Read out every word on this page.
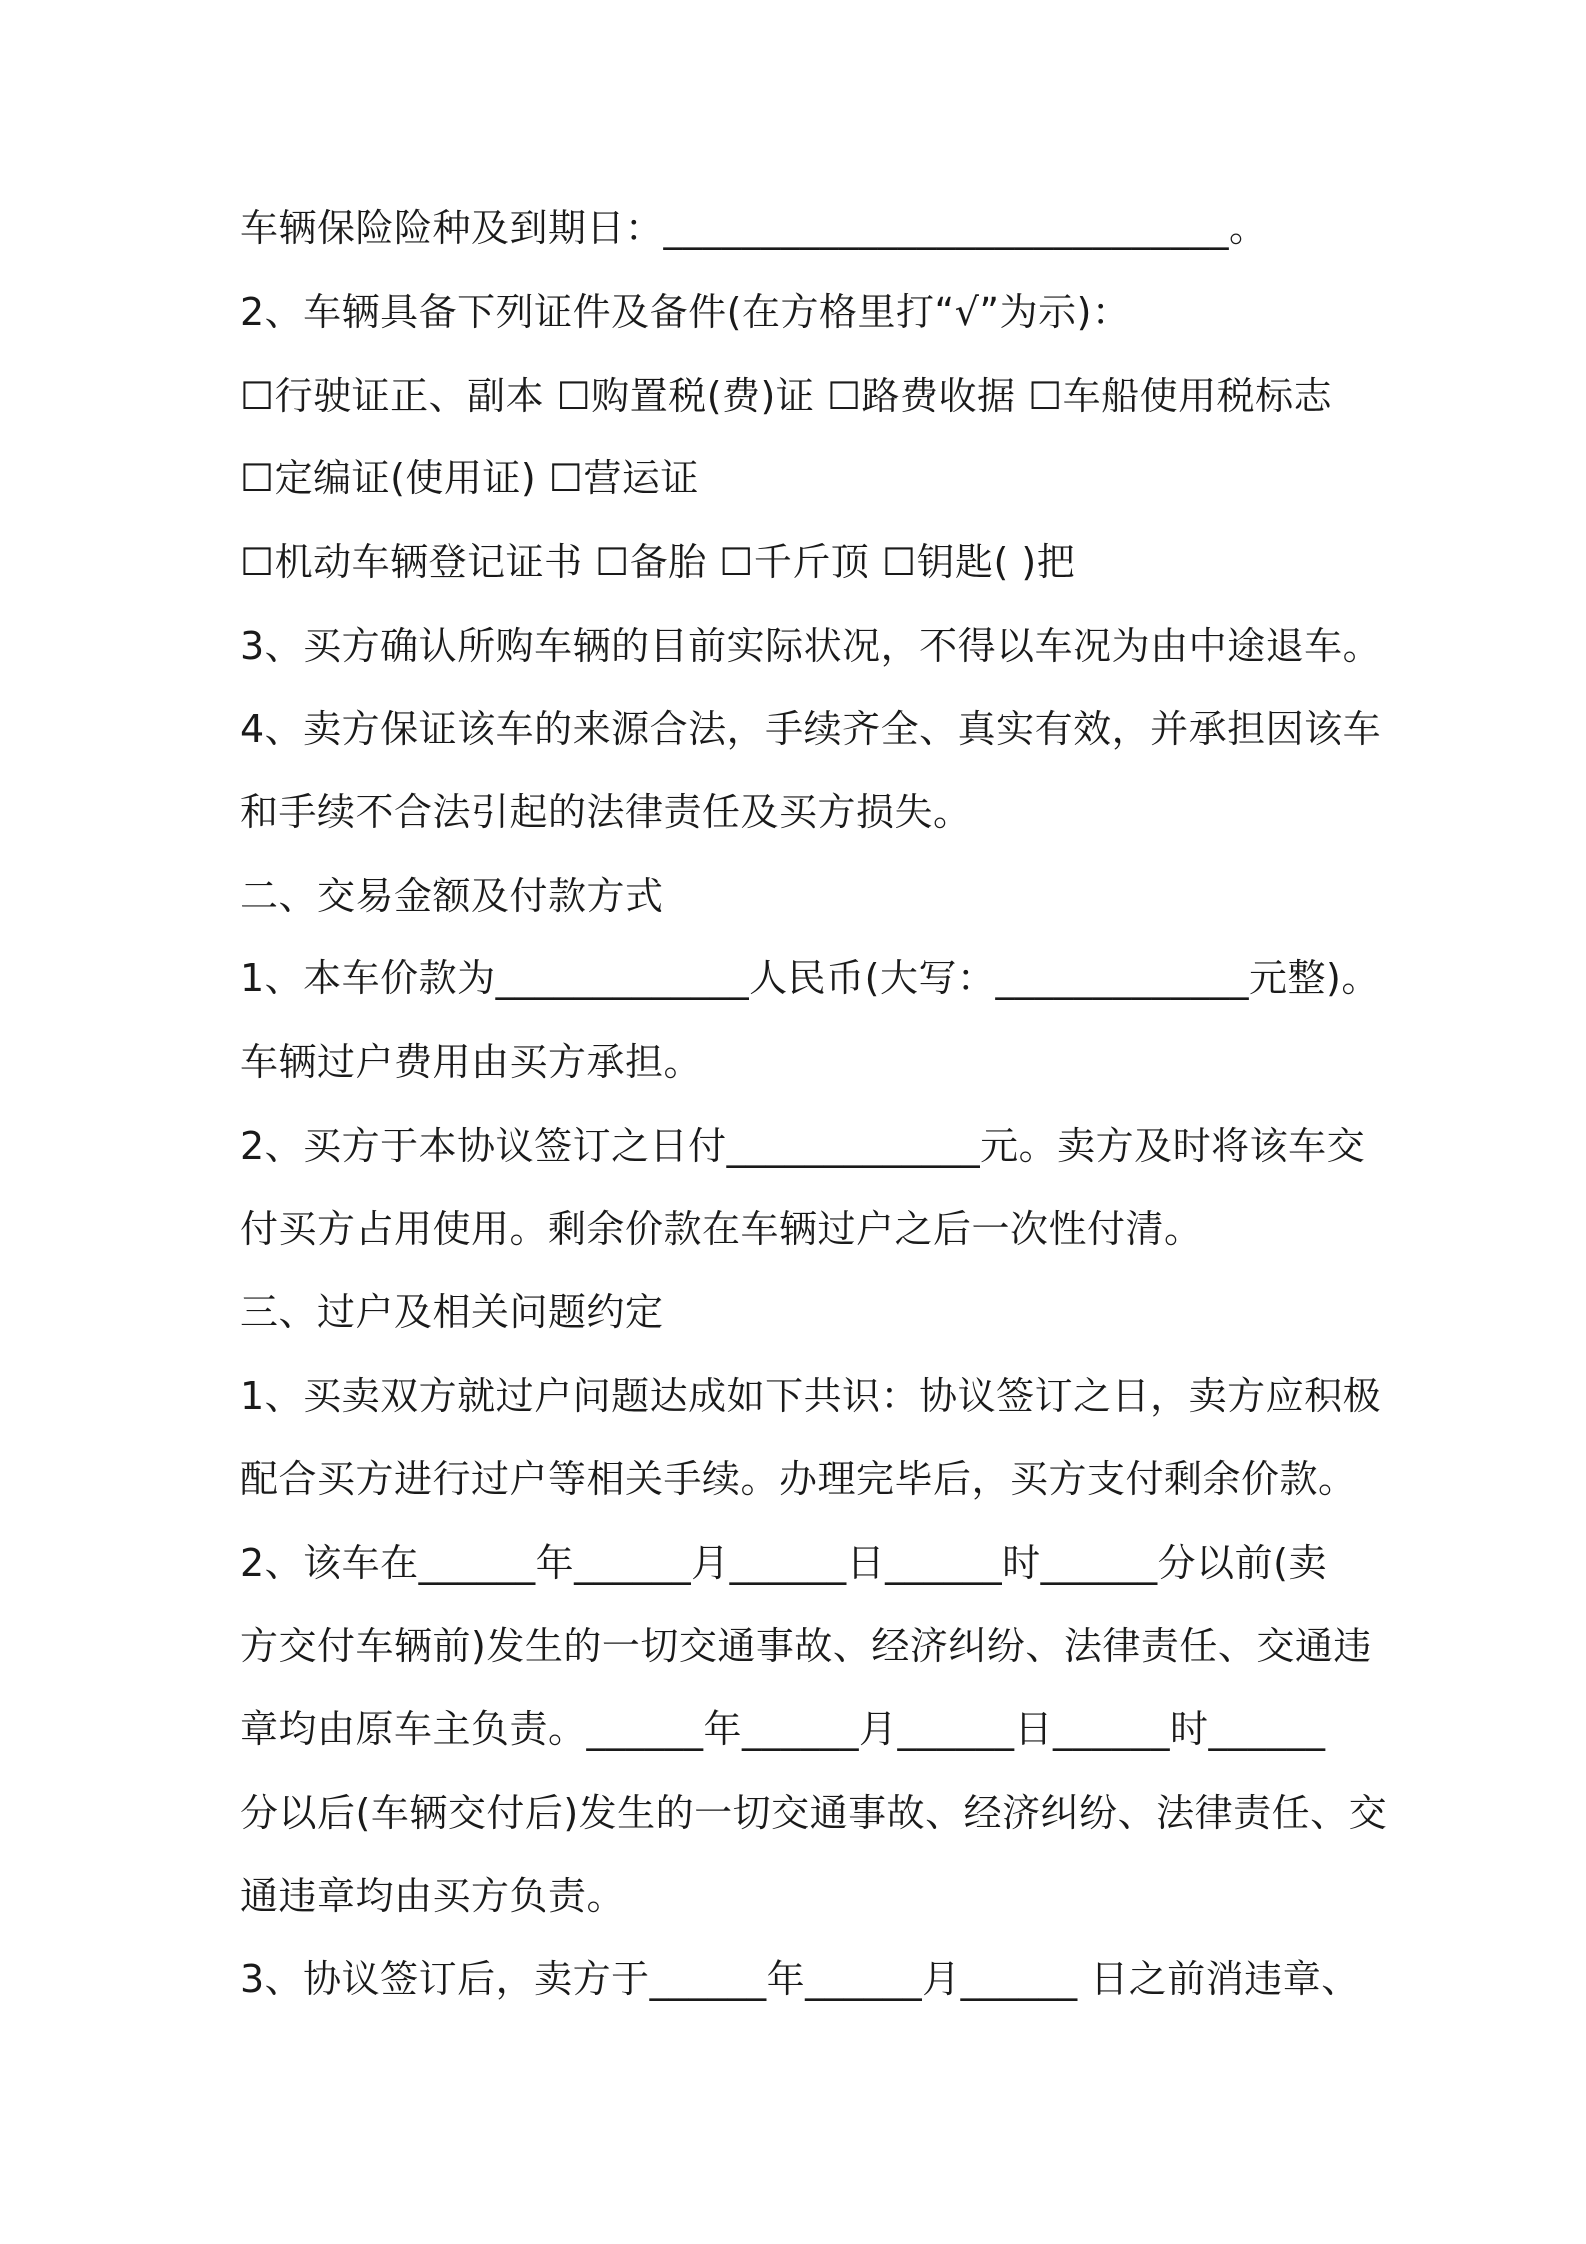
车辆保险险种及到期日：_____________________________。
2、车辆具备下列证件及备件(在方格里打“√”为示)：
☐行驶证正、副本 ☐购置税(费)证 ☐路费收据 ☐车船使用税标志
☐定编证(使用证) ☐营运证
☐机动车辆登记证书 ☐备胎 ☐千斤顶 ☐钥匙( )把
3、买方确认所购车辆的目前实际状况，不得以车况为由中途退车。
4、卖方保证该车的来源合法，手续齐全、真实有效，并承担因该车
和手续不合法引起的法律责任及买方损失。
二、交易金额及付款方式
1、本车价款为_____________人民币(大写：_____________元整)。
车辆过户费用由买方承担。
2、买方于本协议签订之日付_____________元。卖方及时将该车交
付买方占用使用。剩余价款在车辆过户之后一次性付清。
三、过户及相关问题约定
1、买卖双方就过户问题达成如下共识：协议签订之日，卖方应积极
配合买方进行过户等相关手续。办理完毕后，买方支付剩余价款。
2、该车在______年______月______日______时______分以前(卖
方交付车辆前)发生的一切交通事故、经济纠纷、法律责任、交通违
章均由原车主负责。______年______月______日______时______
分以后(车辆交付后)发生的一切交通事故、经济纠纷、法律责任、交
通违章均由买方负责。
3、协议签订后，卖方于______年______月______ 日之前消违章、
